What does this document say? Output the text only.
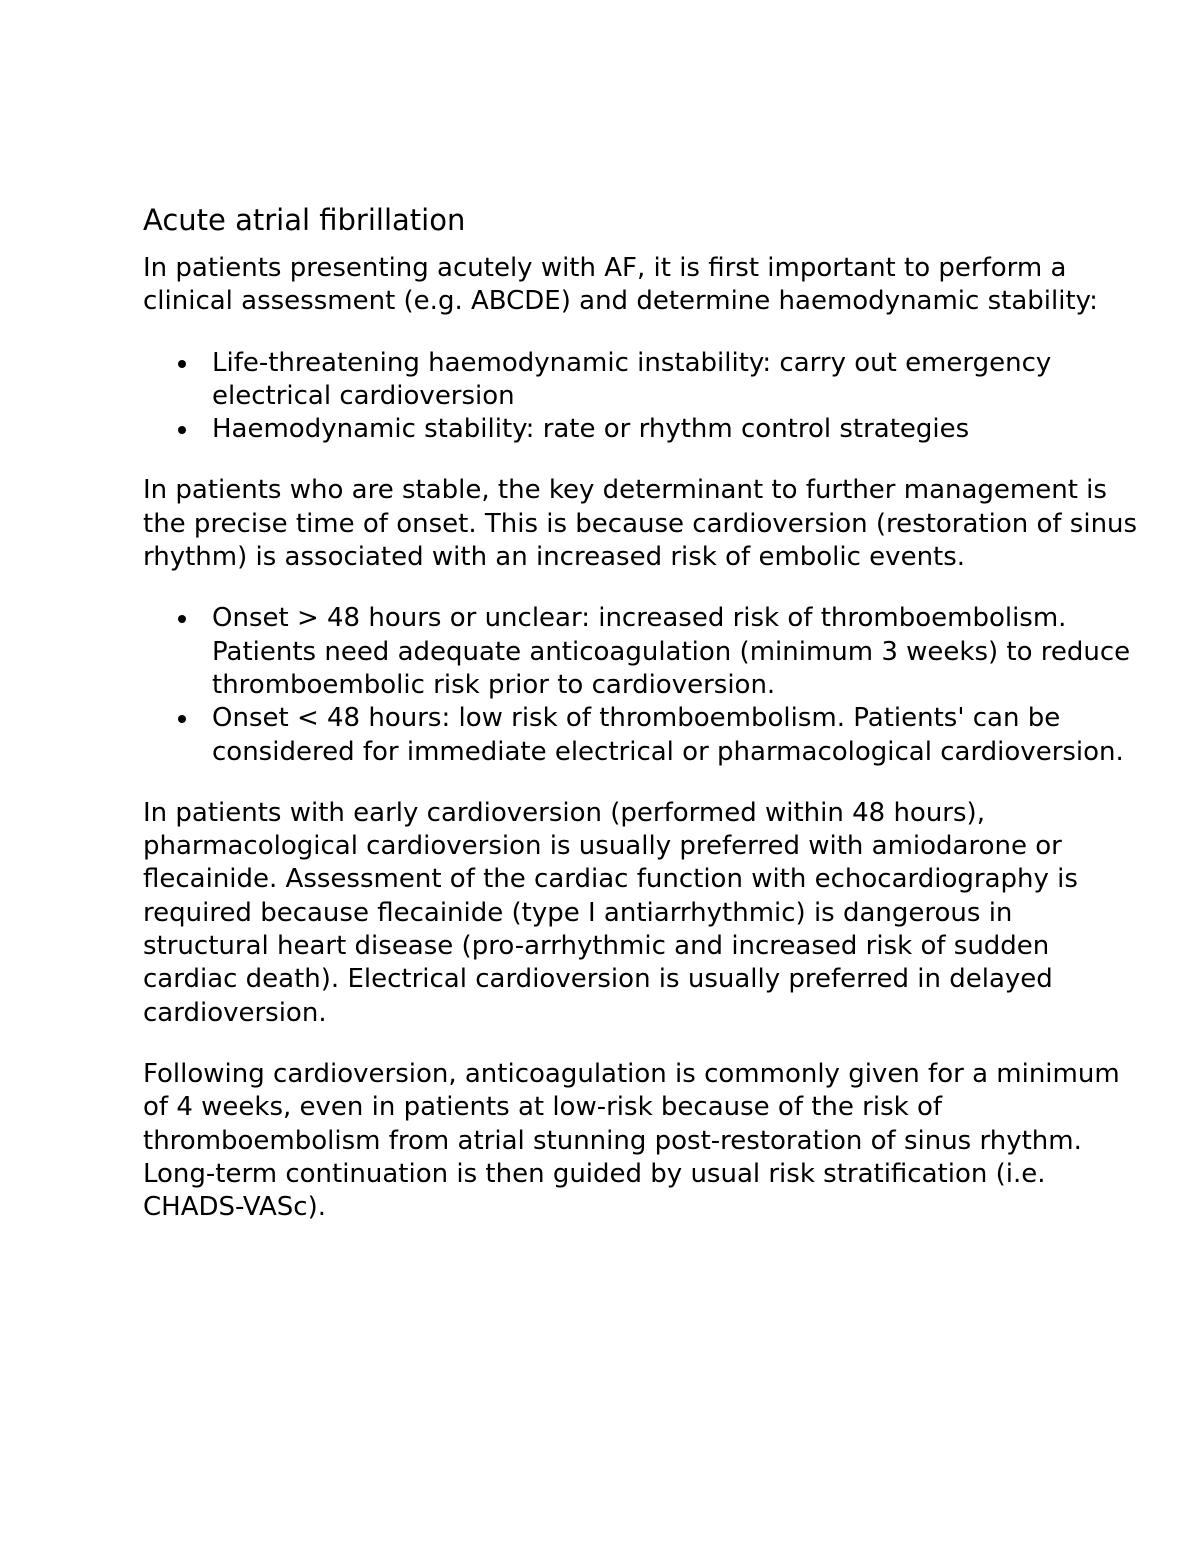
Acute atrial fibrillation

In patients presenting acutely with AF, it is first important to perform a clinical assessment (e.g. ABCDE) and determine haemodynamic stability:

Life-threatening haemodynamic instability: carry out emergency electrical cardioversion
Haemodynamic stability: rate or rhythm control strategies

In patients who are stable, the key determinant to further management is the precise time of onset. This is because cardioversion (restoration of sinus rhythm) is associated with an increased risk of embolic events.

Onset > 48 hours or unclear: increased risk of thromboembolism. Patients need adequate anticoagulation (minimum 3 weeks) to reduce thromboembolic risk prior to cardioversion.
Onset < 48 hours: low risk of thromboembolism. Patients' can be considered for immediate electrical or pharmacological cardioversion.

In patients with early cardioversion (performed within 48 hours), pharmacological cardioversion is usually preferred with amiodarone or flecainide. Assessment of the cardiac function with echocardiography is required because flecainide (type I antiarrhythmic) is dangerous in structural heart disease (pro-arrhythmic and increased risk of sudden cardiac death). Electrical cardioversion is usually preferred in delayed cardioversion.

Following cardioversion, anticoagulation is commonly given for a minimum of 4 weeks, even in patients at low-risk because of the risk of thromboembolism from atrial stunning post-restoration of sinus rhythm. Long-term continuation is then guided by usual risk stratification (i.e. CHADS-VASc).
